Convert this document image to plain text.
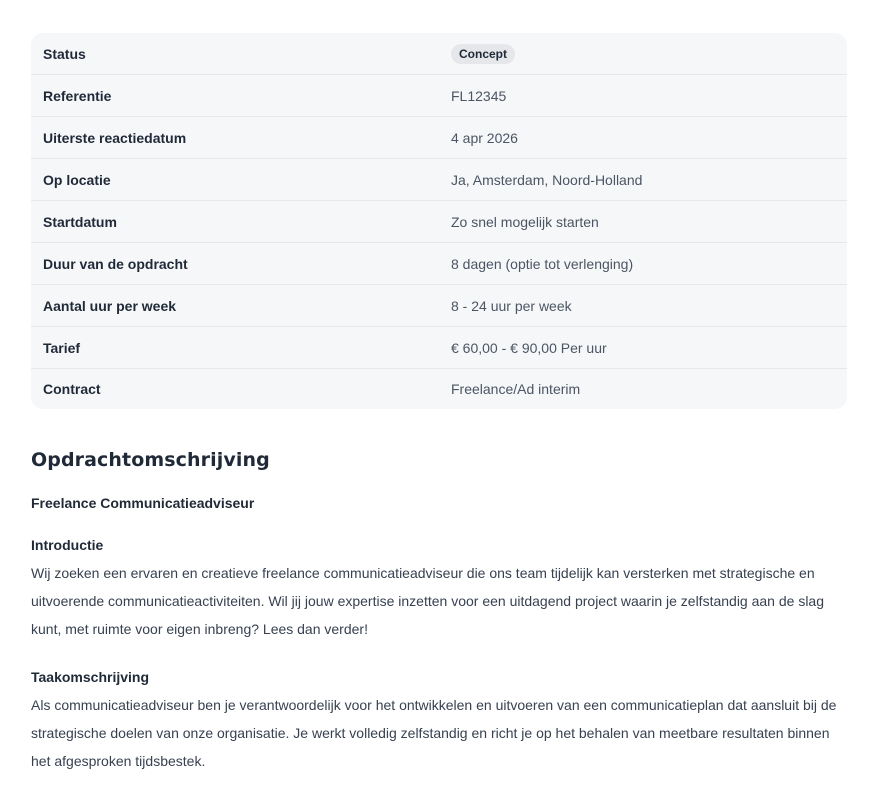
Status	Concept
Referentie	FL12345
Uiterste reactiedatum	4 apr 2026
Op locatie	Ja, Amsterdam, Noord-Holland
Startdatum	Zo snel mogelijk starten
Duur van de opdracht	8 dagen (optie tot verlenging)
Aantal uur per week	8 - 24 uur per week
Tarief	€ 60,00 - € 90,00 Per uur
Contract	Freelance/Ad interim
Opdrachtomschrijving
Freelance Communicatieadviseur
Introductie
Wij zoeken een ervaren en creatieve freelance communicatieadviseur die ons team tijdelijk kan versterken met strategische en uitvoerende communicatieactiviteiten. Wil jij jouw expertise inzetten voor een uitdagend project waarin je zelfstandig aan de slag kunt, met ruimte voor eigen inbreng? Lees dan verder!
Taakomschrijving
Als communicatieadviseur ben je verantwoordelijk voor het ontwikkelen en uitvoeren van een communicatieplan dat aansluit bij de strategische doelen van onze organisatie. Je werkt volledig zelfstandig en richt je op het behalen van meetbare resultaten binnen het afgesproken tijdsbestek.
